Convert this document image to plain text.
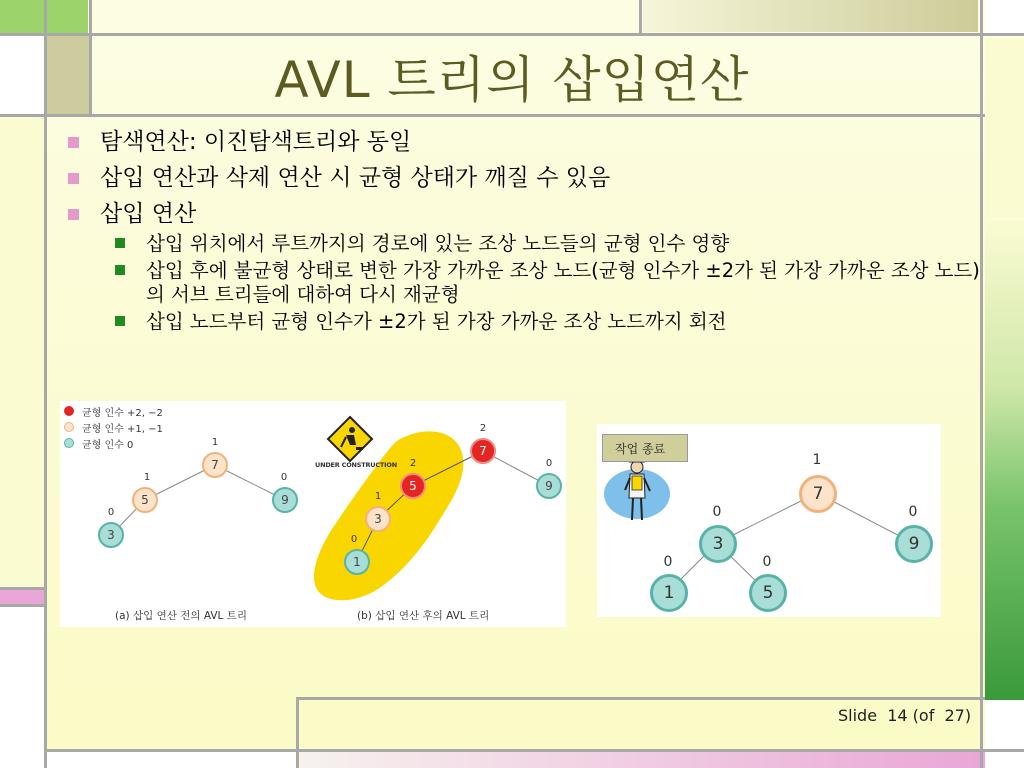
AVL 트리의 삽입연산
탐색연산: 이진탐색트리와 동일
삽입 연산과 삭제 연산 시 균형 상태가 깨질 수 있음
삽입 연산
삽입 위치에서 루트까지의 경로에 있는 조상 노드들의 균형 인수 영향
삽입 후에 불균형 상태로 변한 가장 가까운 조상 노드(균형 인수가 ±2가 된 가장 가까운 조상 노드)의 서브 트리들에 대하여 다시 재균형
삽입 노드부터 균형 인수가 ±2가 된 가장 가까운 조상 노드까지 회전
균형 인수 +2, −2
균형 인수 +1, −1
균형 인수 0
UNDER CONSTRUCTION
1
7
1
5
0
9
0
3
2
7
2
5
0
9
1
3
0
1
(a) 삽입 연산 전의 AVL 트리	(b) 삽입 연산 후의 AVL 트리
작업 종료
1
7
0
3
0
9
0
1
0
5
Slide  14 (of  27)
